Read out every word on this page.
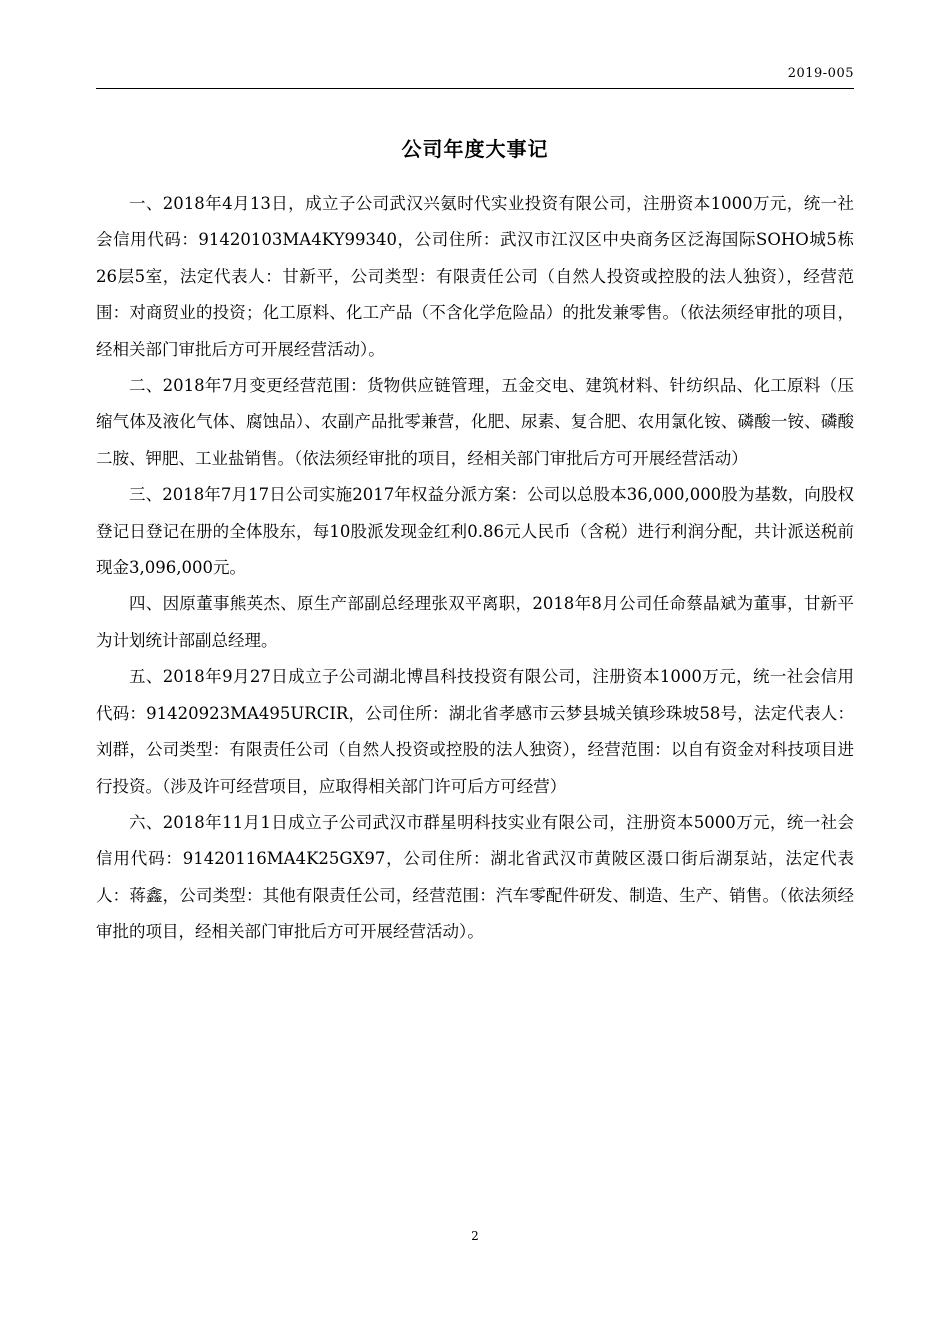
2019-005
公司年度大事记

一、2018年4月13日，成立子公司武汉兴氨时代实业投资有限公司，注册资本1000万元，统一社会信用代码：91420103MA4KY99340，公司住所：武汉市江汉区中央商务区泛海国际SOHO城5栋26层5室，法定代表人：甘新平，公司类型：有限责任公司（自然人投资或控股的法人独资），经营范围：对商贸业的投资；化工原料、化工产品（不含化学危险品）的批发兼零售。（依法须经审批的项目，经相关部门审批后方可开展经营活动）。

二、2018年7月变更经营范围：货物供应链管理，五金交电、建筑材料、针纺织品、化工原料（压缩气体及液化气体、腐蚀品）、农副产品批零兼营，化肥、尿素、复合肥、农用氯化铵、磷酸一铵、磷酸二胺、钾肥、工业盐销售。（依法须经审批的项目，经相关部门审批后方可开展经营活动）

三、2018年7月17日公司实施2017年权益分派方案：公司以总股本36,000,000股为基数，向股权登记日登记在册的全体股东，每10股派发现金红利0.86元人民币（含税）进行利润分配，共计派送税前现金3,096,000元。

四、因原董事熊英杰、原生产部副总经理张双平离职，2018年8月公司任命蔡晶斌为董事，甘新平为计划统计部副总经理。

五、2018年9月27日成立子公司湖北博昌科技投资有限公司，注册资本1000万元，统一社会信用代码：91420923MA495URCIR，公司住所：湖北省孝感市云梦县城关镇珍珠坡58号，法定代表人：刘群，公司类型：有限责任公司（自然人投资或控股的法人独资），经营范围：以自有资金对科技项目进行投资。（涉及许可经营项目，应取得相关部门许可后方可经营）

六、2018年11月1日成立子公司武汉市群星明科技实业有限公司，注册资本5000万元，统一社会信用代码：91420116MA4K25GX97，公司住所：湖北省武汉市黄陂区滠口街后湖泵站，法定代表人：蒋鑫，公司类型：其他有限责任公司，经营范围：汽车零配件研发、制造、生产、销售。（依法须经审批的项目，经相关部门审批后方可开展经营活动）。

2
